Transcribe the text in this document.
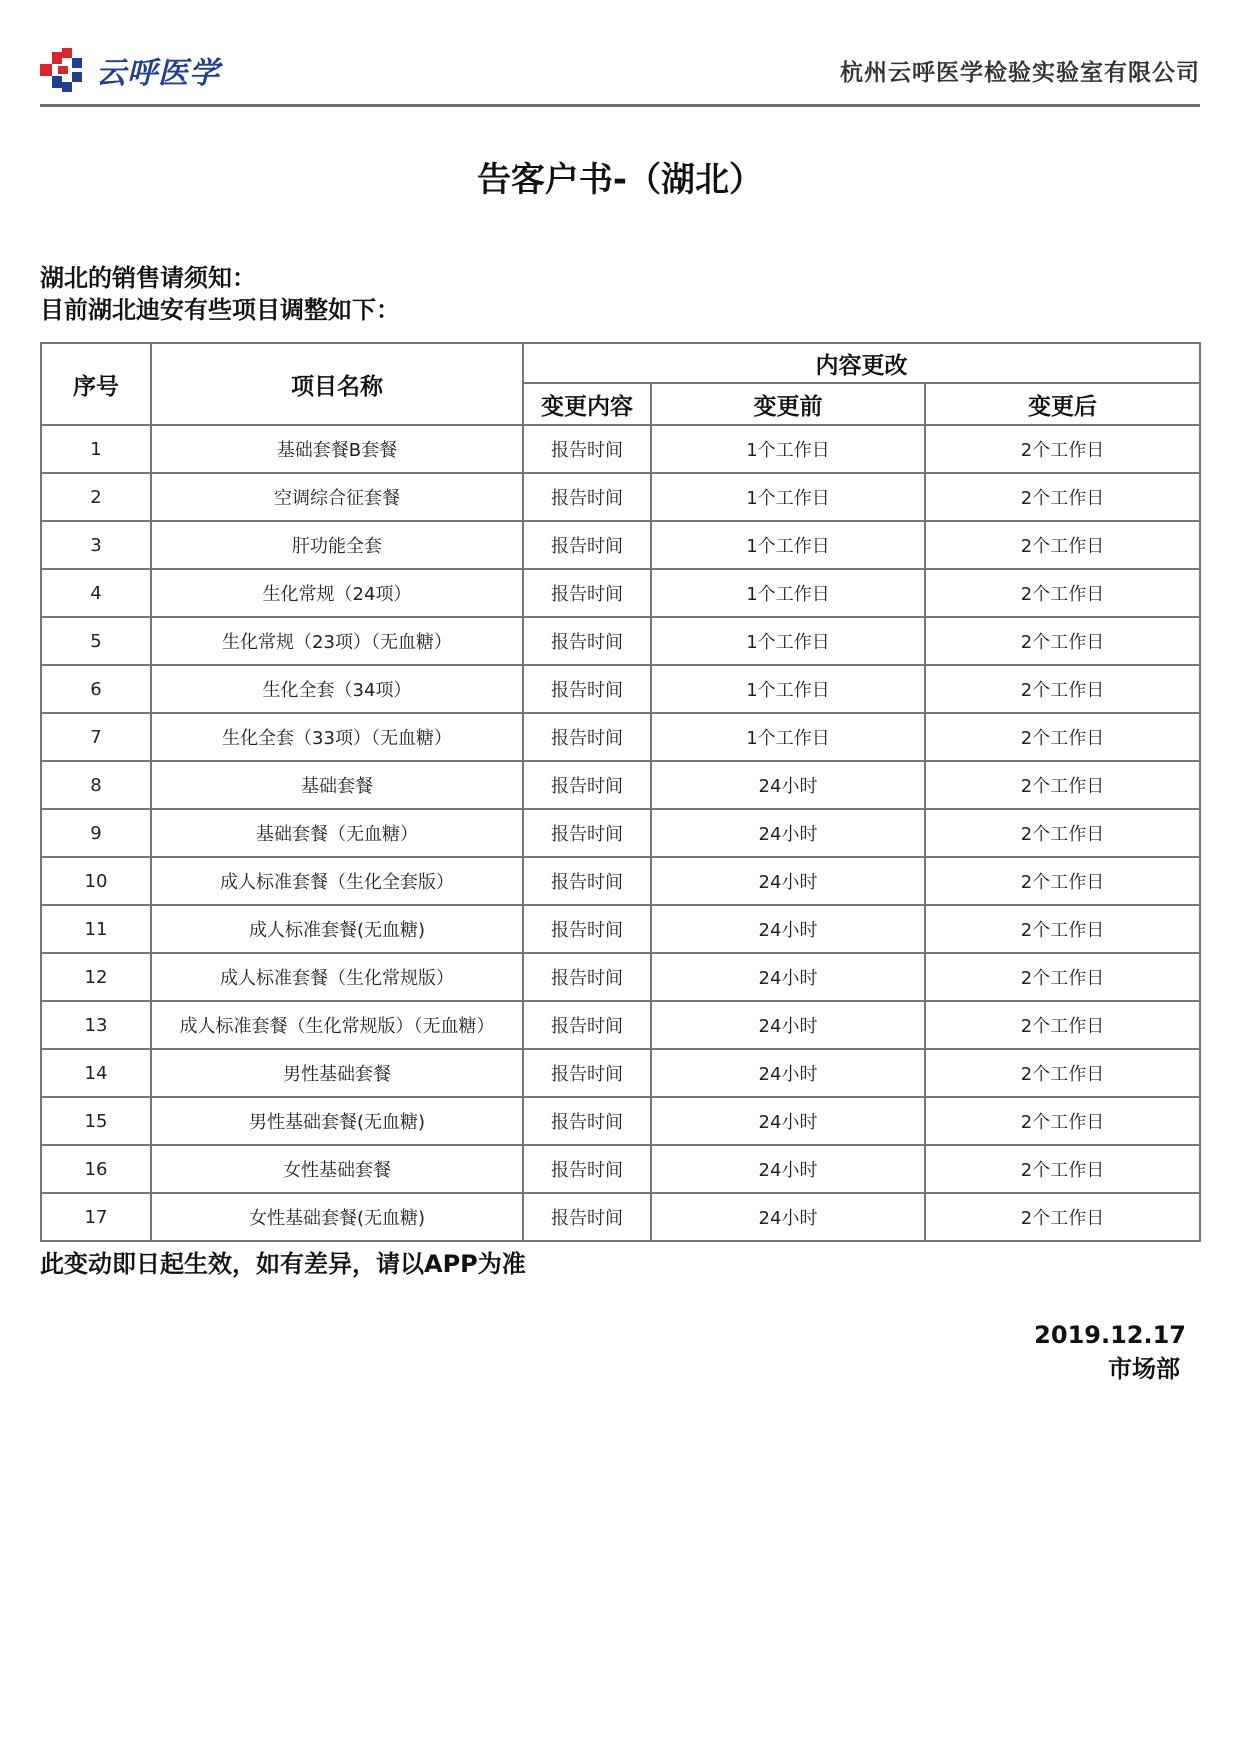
云呼医学	杭州云呼医学检验实验室有限公司
告客户书-（湖北）
湖北的销售请须知：
目前湖北迪安有些项目调整如下：
序号	项目名称	内容更改		
		变更内容	变更前	变更后
1	基础套餐B套餐	报告时间	1个工作日	2个工作日
2	空调综合征套餐	报告时间	1个工作日	2个工作日
3	肝功能全套	报告时间	1个工作日	2个工作日
4	生化常规（24项）	报告时间	1个工作日	2个工作日
5	生化常规（23项）（无血糖）	报告时间	1个工作日	2个工作日
6	生化全套（34项）	报告时间	1个工作日	2个工作日
7	生化全套（33项）（无血糖）	报告时间	1个工作日	2个工作日
8	基础套餐	报告时间	24小时	2个工作日
9	基础套餐（无血糖）	报告时间	24小时	2个工作日
10	成人标准套餐（生化全套版）	报告时间	24小时	2个工作日
11	成人标准套餐(无血糖)	报告时间	24小时	2个工作日
12	成人标准套餐（生化常规版）	报告时间	24小时	2个工作日
13	成人标准套餐（生化常规版）（无血糖）	报告时间	24小时	2个工作日
14	男性基础套餐	报告时间	24小时	2个工作日
15	男性基础套餐(无血糖)	报告时间	24小时	2个工作日
16	女性基础套餐	报告时间	24小时	2个工作日
17	女性基础套餐(无血糖)	报告时间	24小时	2个工作日
此变动即日起生效，如有差异，请以APP为准
2019.12.17
市场部
